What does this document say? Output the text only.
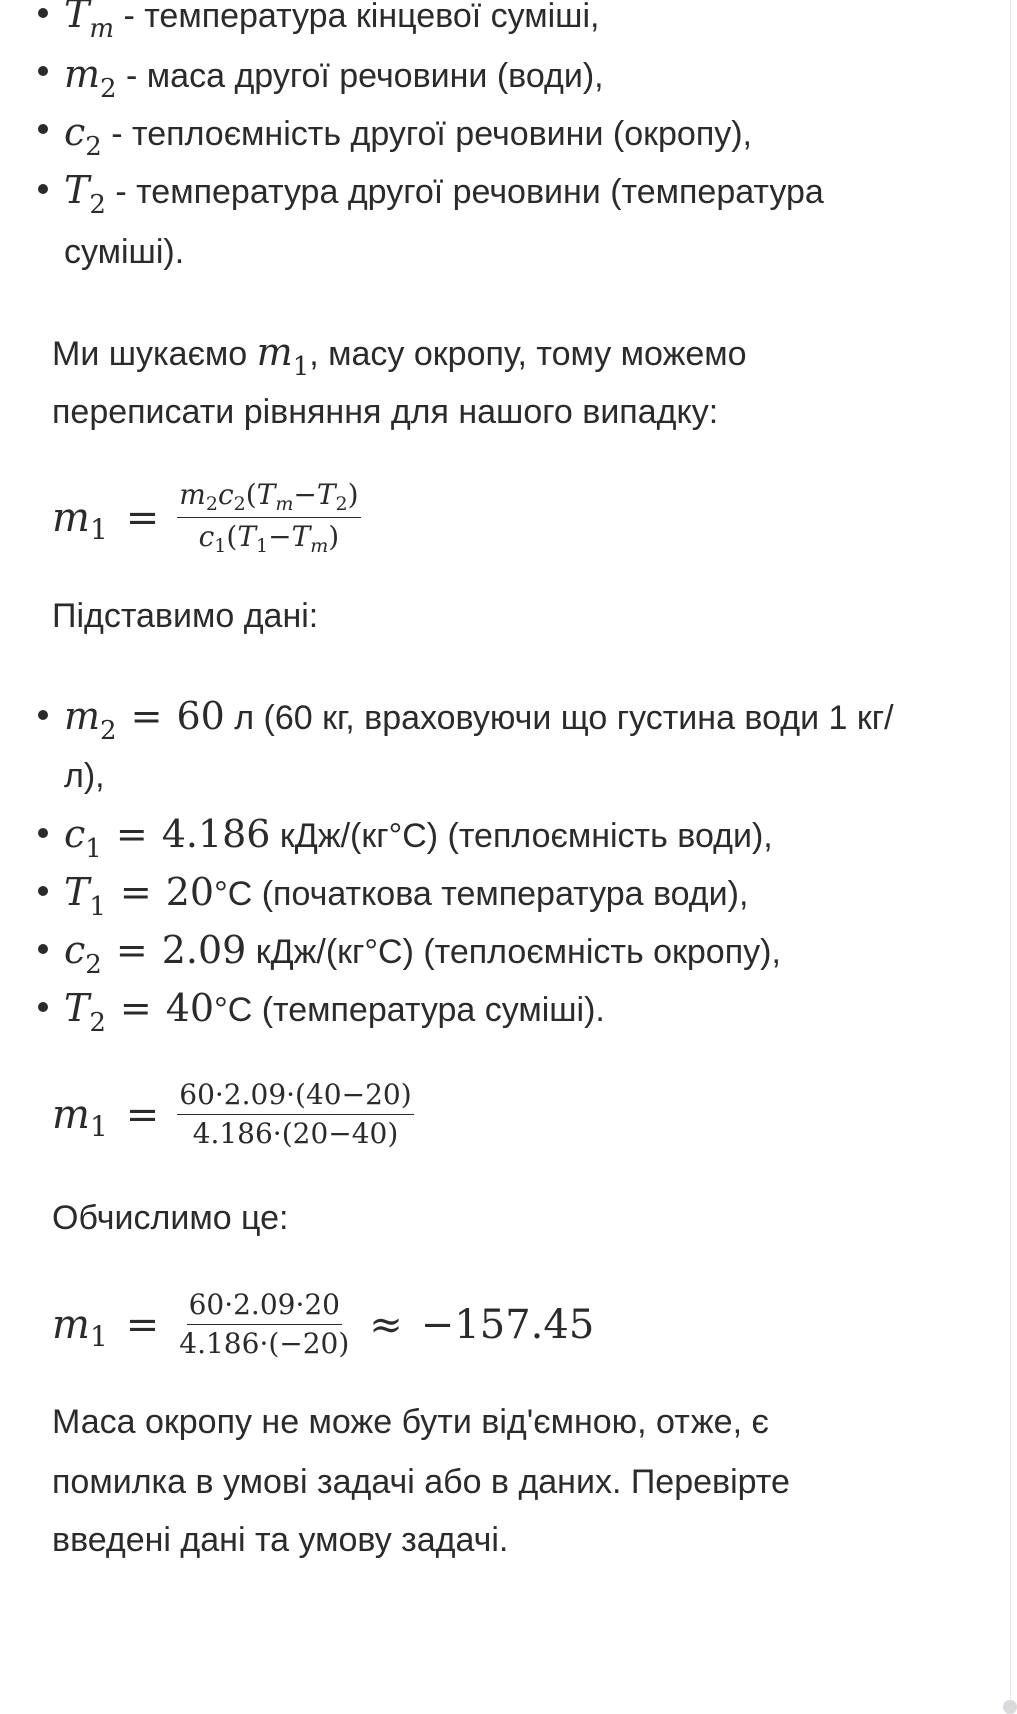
$T_m$ - температура кінцевої суміші,
$m_2$ - маса другої речовини (води),
$c_2$ - теплоємність другої речовини (окропу),
$T_2$ - температура другої речовини (температура
суміші).
Ми шукаємо $m_1$, масу окропу, тому можемо
переписати рівняння для нашого випадку:
m $1 = \frac{m_2c_2(T_m-T_2)}{c_1(T_1-T_m)}$
Підставимо дані:
$m_2 = 60$ л (60 кг, враховуючи що густина води 1 кг/
л),
$c_1 = 4.186$ кДж/(кг°C) (теплоємність води),
$T_1 = 20^\circ C$ (початкова температура води),
$c_2 = 2.09$ кДж/(кг°C) (теплоємність окропу),
$T_2 = 40^\circ C$ (температура суміші).
m $1 = \frac{60\cdot 2.09\cdot(40-20)}{4.186\cdot(20-40)}$
Обчислимо це:
m $1 = \frac{60\cdot 2.09\cdot 20}{4.186\cdot(-20)} \approx -157.45$
Маса окропу не може бути від'ємною, отже, є
помилка в умові задачі або в даних. Перевірте
введені дані та умову задачі.
